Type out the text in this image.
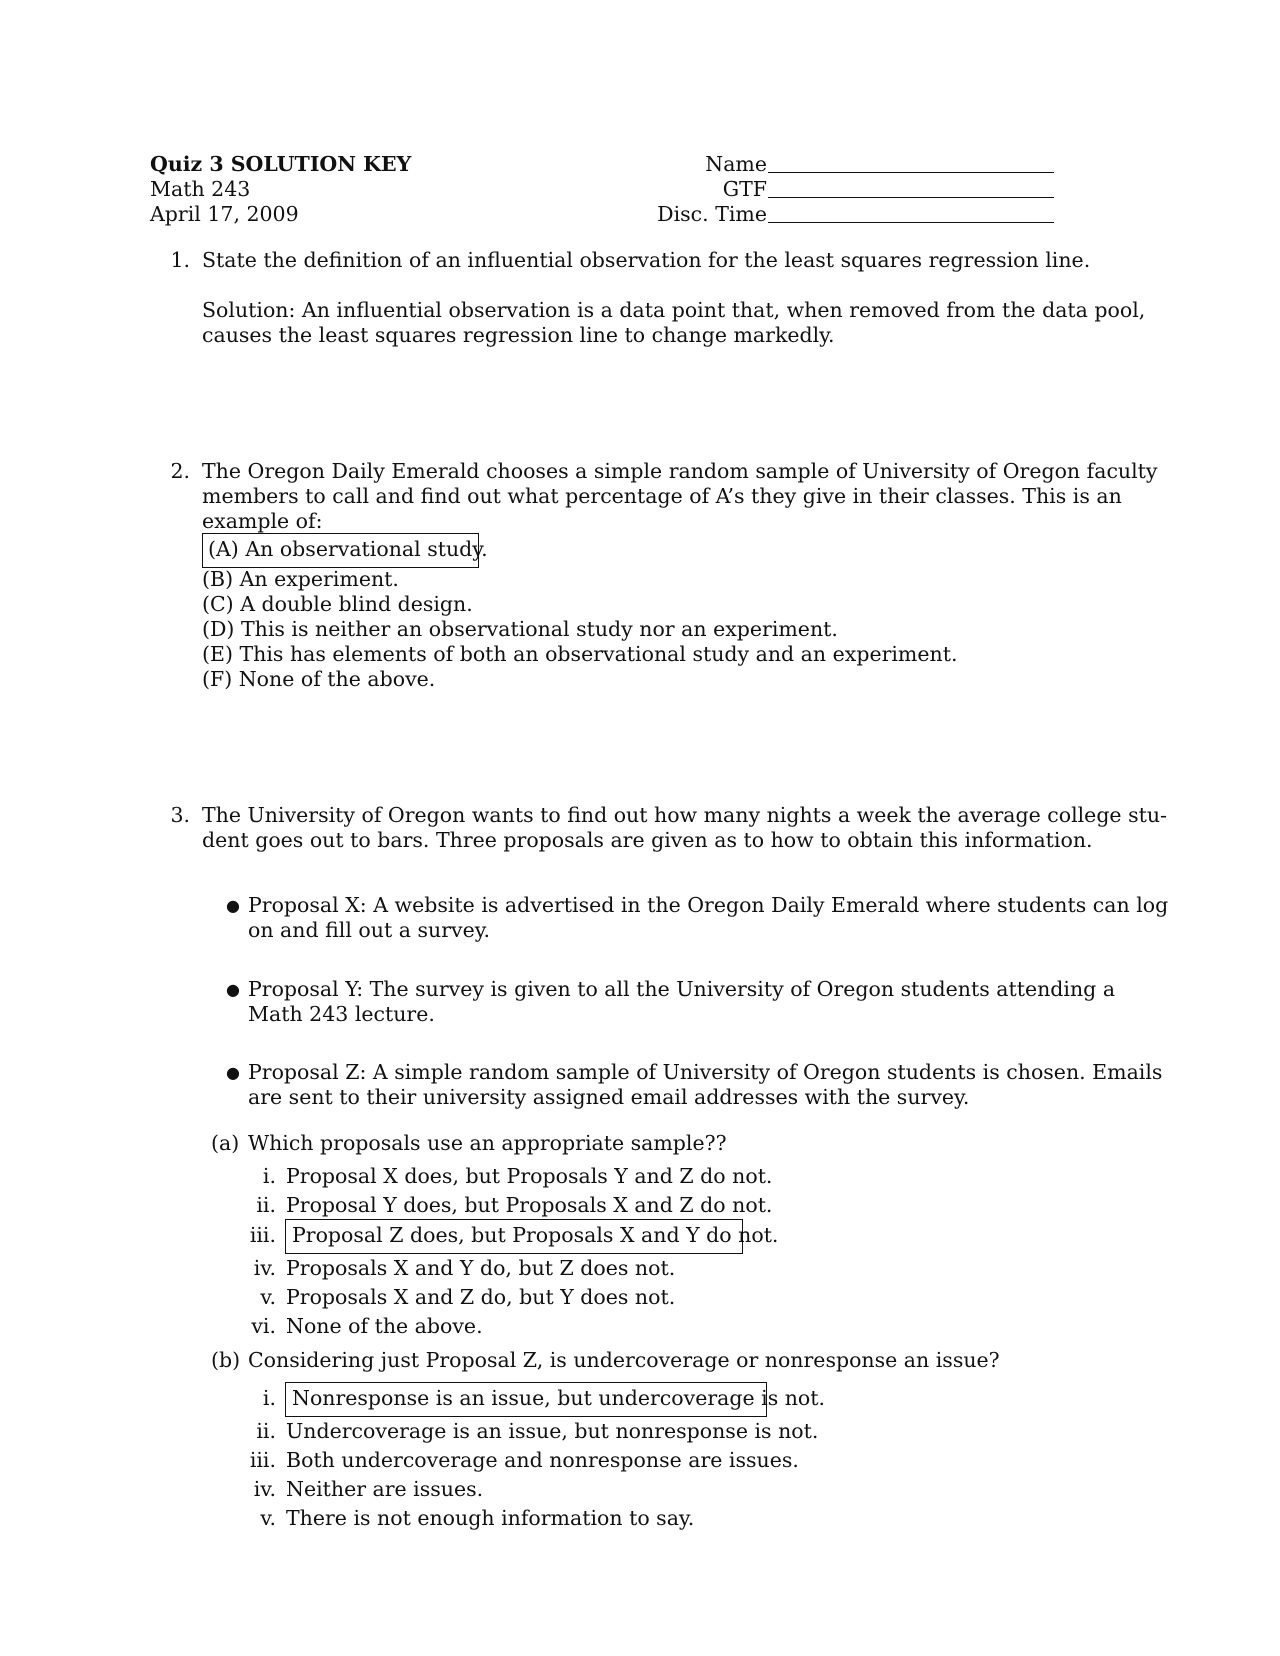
Quiz 3 SOLUTION KEY
Math 243
April 17, 2009
Name
GTF
Disc. Time
1. State the definition of an influential observation for the least squares regression line.
Solution: An influential observation is a data point that, when removed from the data pool,
causes the least squares regression line to change markedly.
2. The Oregon Daily Emerald chooses a simple random sample of University of Oregon faculty
members to call and find out what percentage of A’s they give in their classes. This is an
example of:
(A) An observational study.
(B) An experiment.
(C) A double blind design.
(D) This is neither an observational study nor an experiment.
(E) This has elements of both an observational study and an experiment.
(F) None of the above.
3. The University of Oregon wants to find out how many nights a week the average college stu-
dent goes out to bars. Three proposals are given as to how to obtain this information.
● Proposal X: A website is advertised in the Oregon Daily Emerald where students can log
on and fill out a survey.
● Proposal Y: The survey is given to all the University of Oregon students attending a
Math 243 lecture.
● Proposal Z: A simple random sample of University of Oregon students is chosen. Emails
are sent to their university assigned email addresses with the survey.
(a) Which proposals use an appropriate sample??
i. Proposal X does, but Proposals Y and Z do not.
ii. Proposal Y does, but Proposals X and Z do not.
iii. Proposal Z does, but Proposals X and Y do not.
iv. Proposals X and Y do, but Z does not.
v. Proposals X and Z do, but Y does not.
vi. None of the above.
(b) Considering just Proposal Z, is undercoverage or nonresponse an issue?
i. Nonresponse is an issue, but undercoverage is not.
ii. Undercoverage is an issue, but nonresponse is not.
iii. Both undercoverage and nonresponse are issues.
iv. Neither are issues.
v. There is not enough information to say.
